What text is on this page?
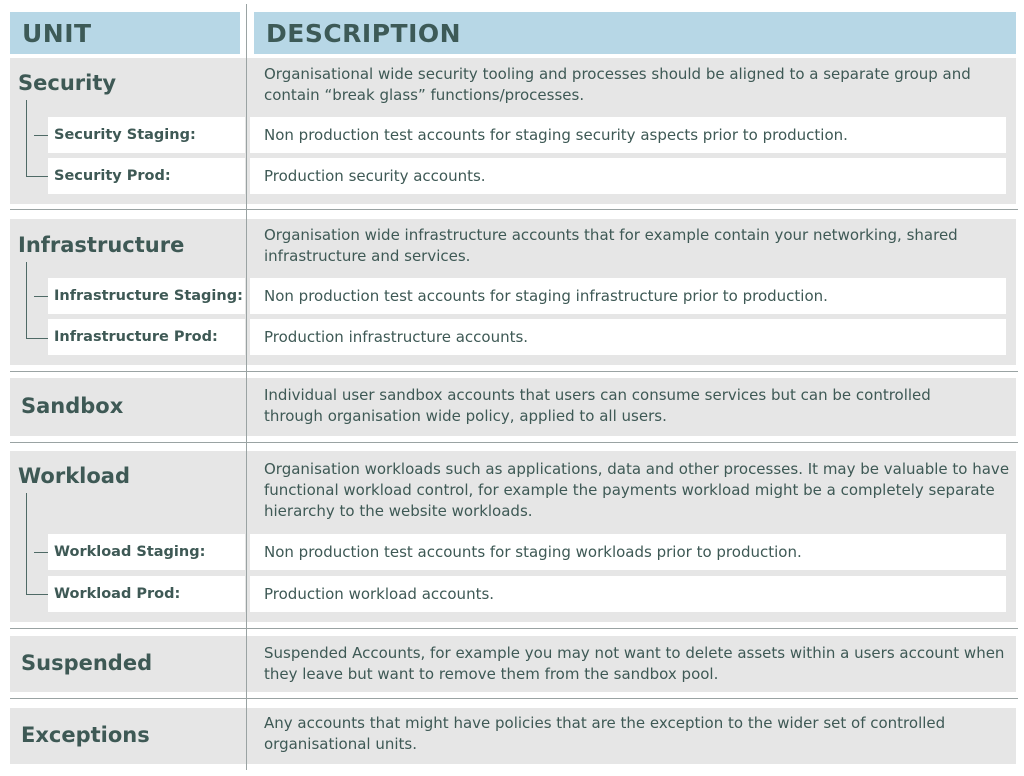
UNIT	DESCRIPTION
Security	Organisational wide security tooling and processes should be aligned to a separate group and contain “break glass” functions/processes.
Security Staging:	Non production test accounts for staging security aspects prior to production.
Security Prod:	Production security accounts.
Infrastructure	Organisation wide infrastructure accounts that for example contain your networking, shared infrastructure and services.
Infrastructure Staging: Non production test accounts for staging infrastructure prior to production.
Infrastructure Prod:	Production infrastructure accounts.
Sandbox	Individual user sandbox accounts that users can consume services but can be controlled through organisation wide policy, applied to all users.
Workload	Organisation workloads such as applications, data and other processes. It may be valuable to have functional workload control, for example the payments workload might be a completely separate hierarchy to the website workloads.
Workload Staging:	Non production test accounts for staging workloads prior to production.
Workload Prod:	Production workload accounts.
Suspended	Suspended Accounts, for example you may not want to delete assets within a users account when they leave but want to remove them from the sandbox pool.
Exceptions	Any accounts that might have policies that are the exception to the wider set of controlled organisational units.
